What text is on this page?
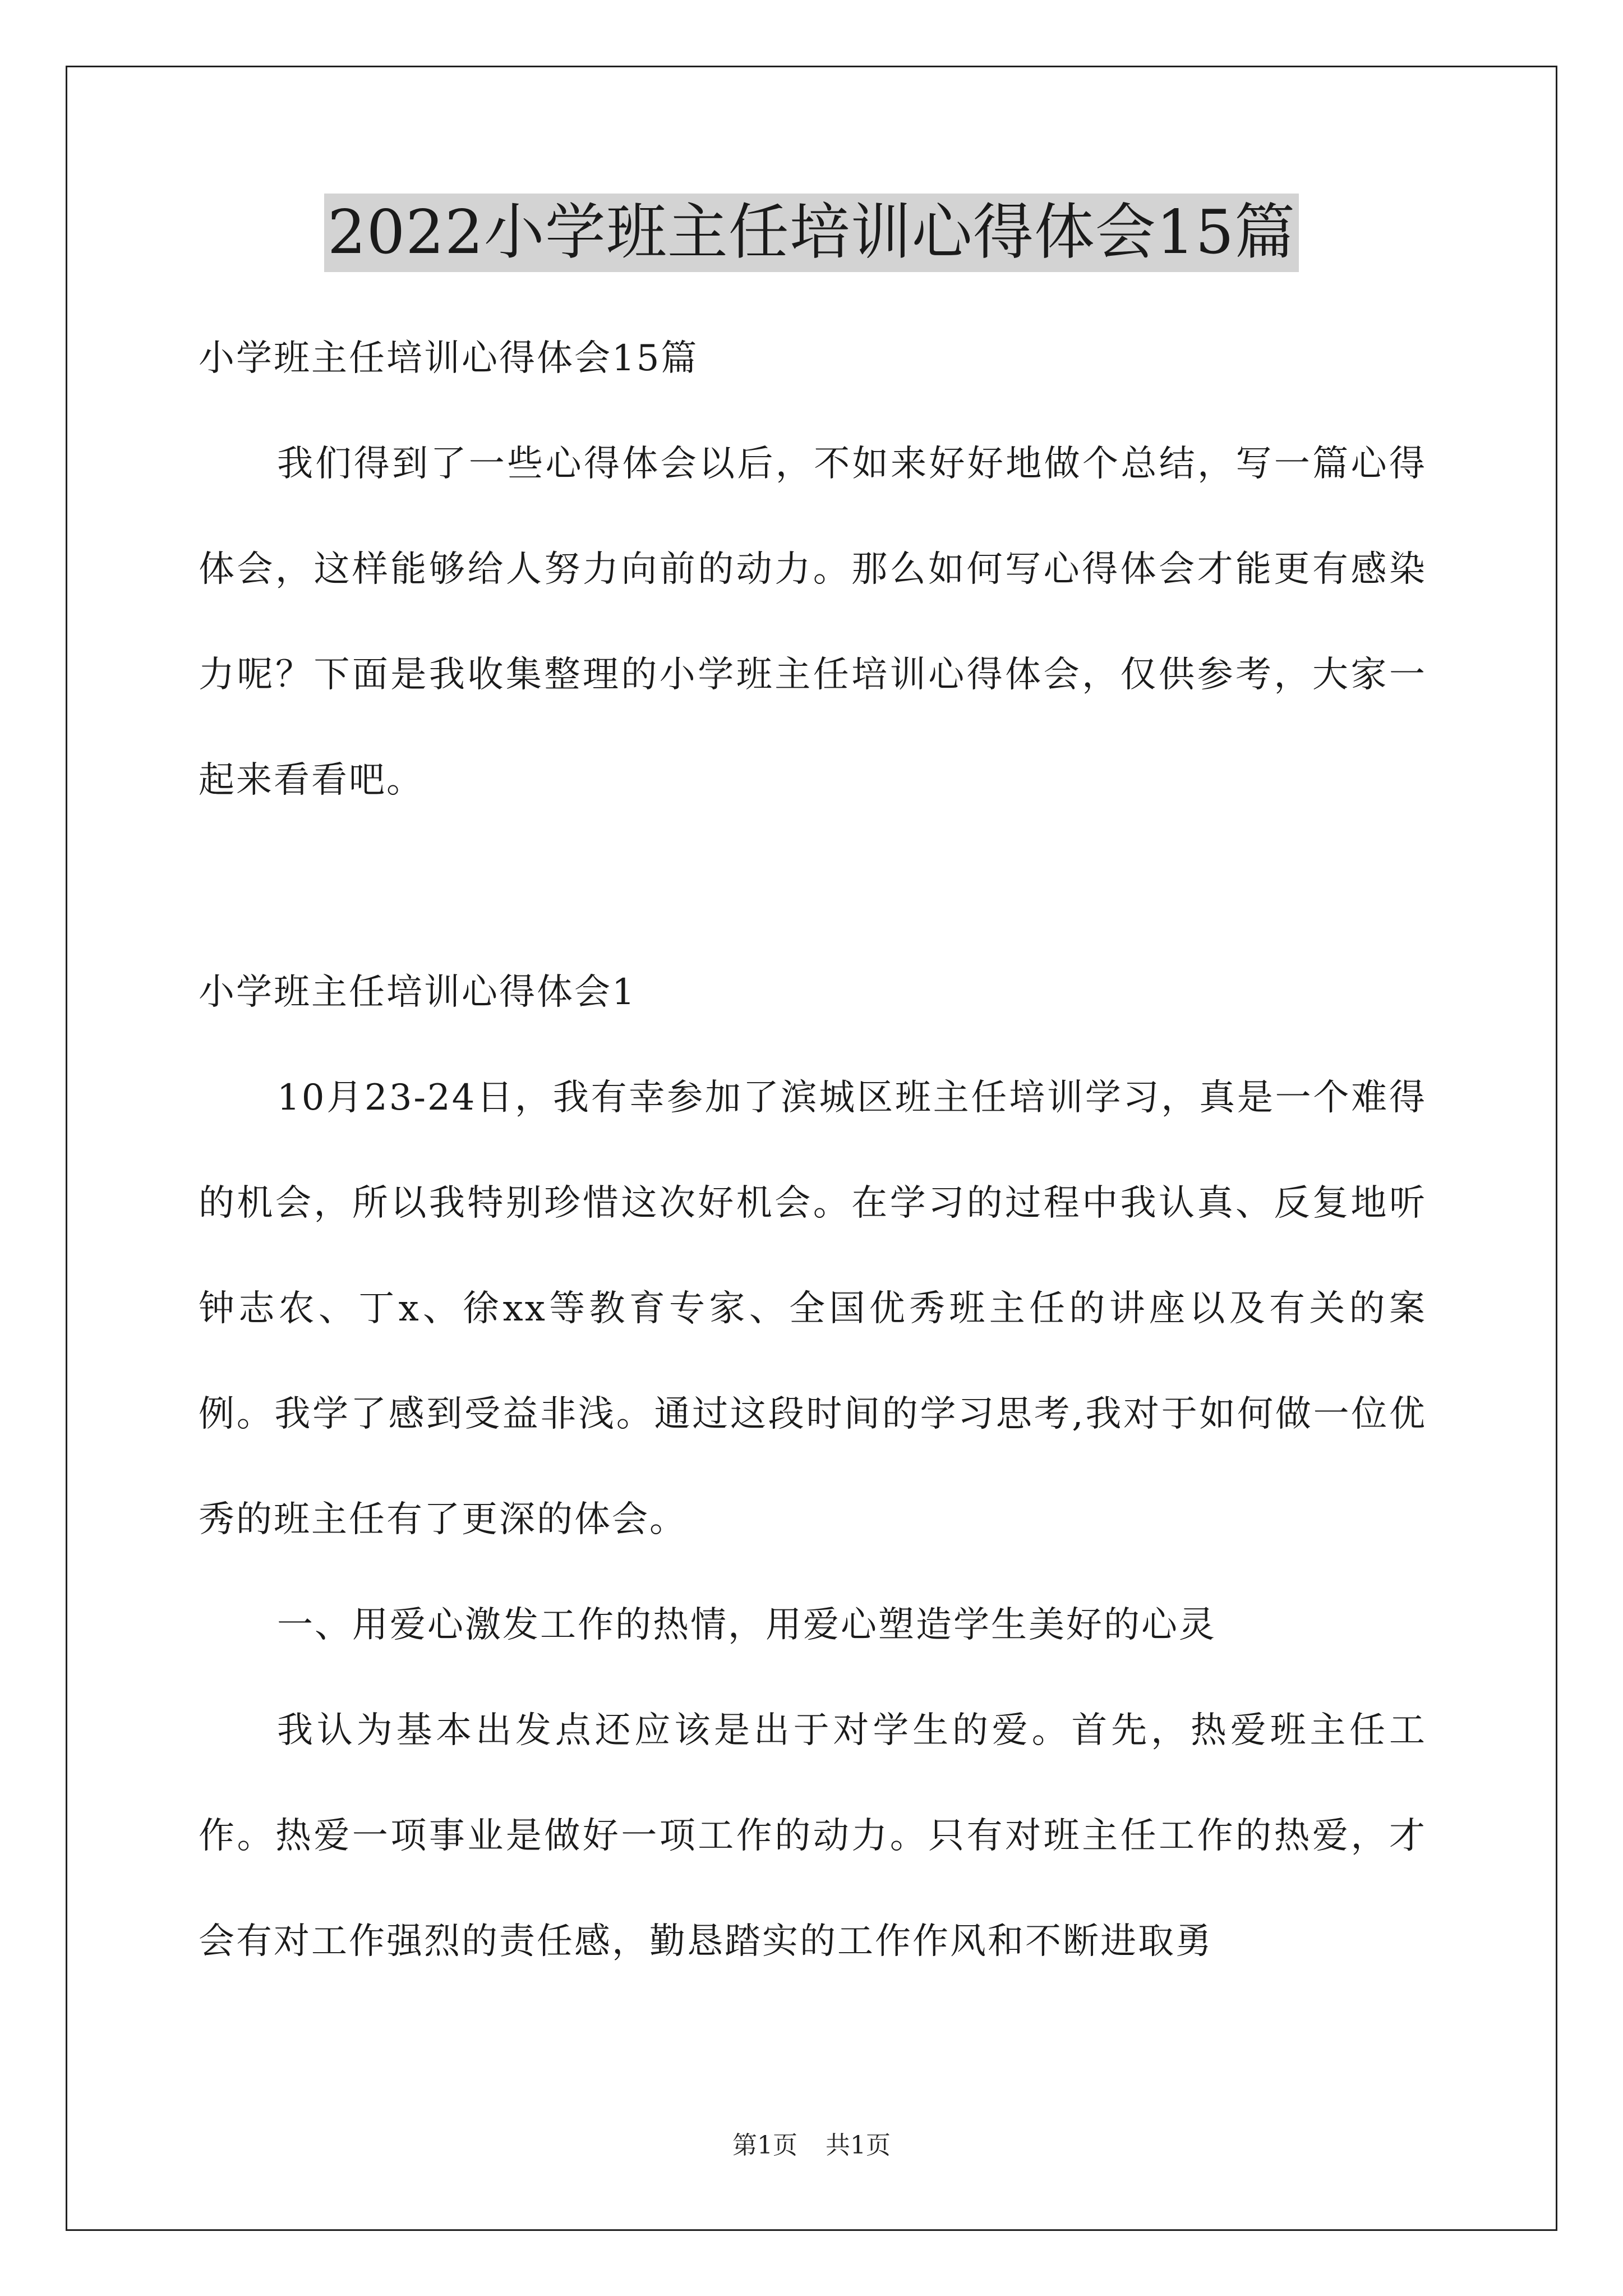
2022小学班主任培训心得体会15篇

小学班主任培训心得体会15篇

我们得到了一些心得体会以后，不如来好好地做个总结，写一篇心得体会，这样能够给人努力向前的动力。那么如何写心得体会才能更有感染力呢？下面是我收集整理的小学班主任培训心得体会，仅供参考，大家一起来看看吧。

小学班主任培训心得体会1

10月23-24日，我有幸参加了滨城区班主任培训学习，真是一个难得的机会，所以我特别珍惜这次好机会。在学习的过程中我认真、反复地听钟志农、丁x、徐xx等教育专家、全国优秀班主任的讲座以及有关的案例。我学了感到受益非浅。通过这段时间的学习思考,我对于如何做一位优秀的班主任有了更深的体会。

一、用爱心激发工作的热情，用爱心塑造学生美好的心灵

我认为基本出发点还应该是出于对学生的爱。首先，热爱班主任工作。热爱一项事业是做好一项工作的动力。只有对班主任工作的热爱，才会有对工作强烈的责任感，勤恳踏实的工作作风和不断进取勇

第1页 共1页
